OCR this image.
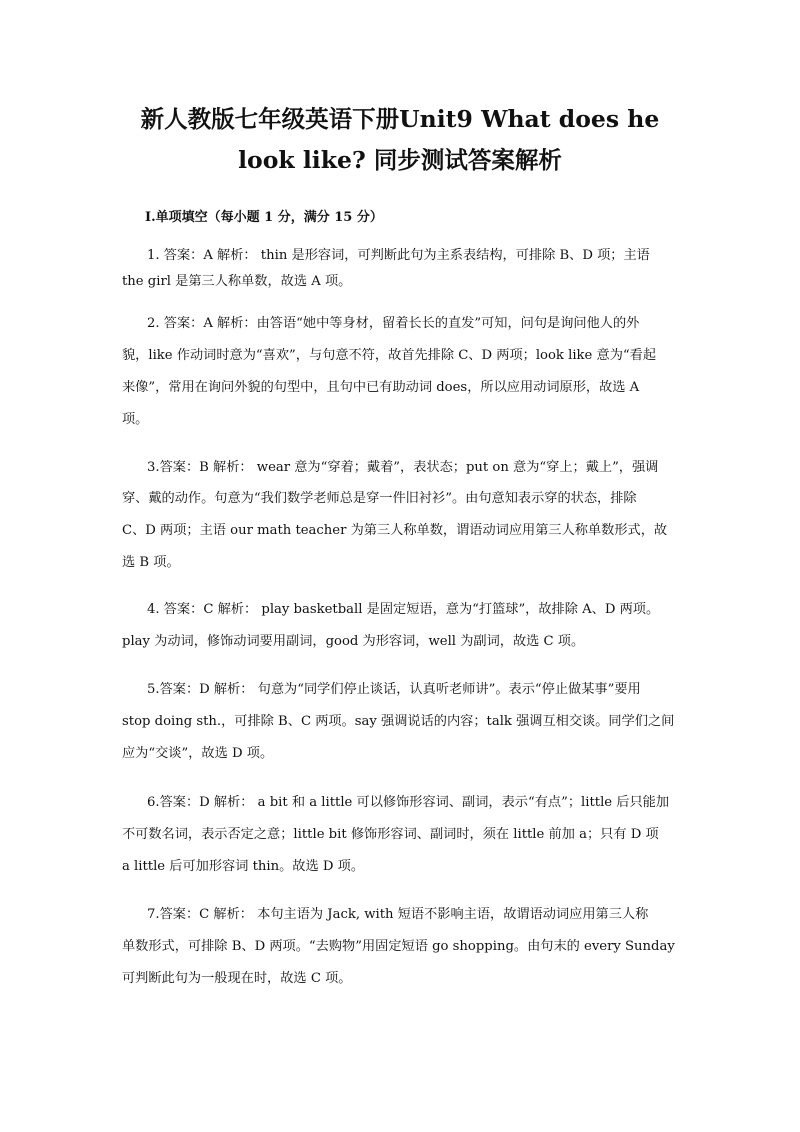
新人教版七年级英语下册Unit9 What does he
look like? 同步测试答案解析
I.单项填空（每小题 1 分，满分 15 分）
1. 答案：A 解析： thin 是形容词，可判断此句为主系表结构，可排除 B、D 项；主语
the girl 是第三人称单数，故选 A 项。
2. 答案：A 解析：由答语“她中等身材，留着长长的直发”可知，问句是询问他人的外
貌，like 作动词时意为“喜欢”，与句意不符，故首先排除 C、D 两项；look like 意为“看起
来像”，常用在询问外貌的句型中，且句中已有助动词 does，所以应用动词原形，故选 A
项。
3.答案：B 解析： wear 意为“穿着；戴着”，表状态；put on 意为“穿上；戴上”，强调
穿、戴的动作。句意为“我们数学老师总是穿一件旧衬衫”。由句意知表示穿的状态，排除
C、D 两项；主语 our math teacher 为第三人称单数，谓语动词应用第三人称单数形式，故
选 B 项。
4. 答案：C 解析： play basketball 是固定短语，意为“打篮球”，故排除 A、D 两项。
play 为动词，修饰动词要用副词，good 为形容词，well 为副词，故选 C 项。
5.答案：D 解析： 句意为“同学们停止谈话，认真听老师讲”。表示“停止做某事”要用
stop doing sth.，可排除 B、C 两项。say 强调说话的内容；talk 强调互相交谈。同学们之间
应为“交谈”，故选 D 项。
6.答案：D 解析： a bit 和 a little 可以修饰形容词、副词，表示“有点”；little 后只能加
不可数名词，表示否定之意；little bit 修饰形容词、副词时，须在 little 前加 a；只有 D 项
a little 后可加形容词 thin。故选 D 项。
7.答案：C 解析： 本句主语为 Jack, with 短语不影响主语，故谓语动词应用第三人称
单数形式，可排除 B、D 两项。“去购物”用固定短语 go shopping。由句末的 every Sunday
可判断此句为一般现在时，故选 C 项。
